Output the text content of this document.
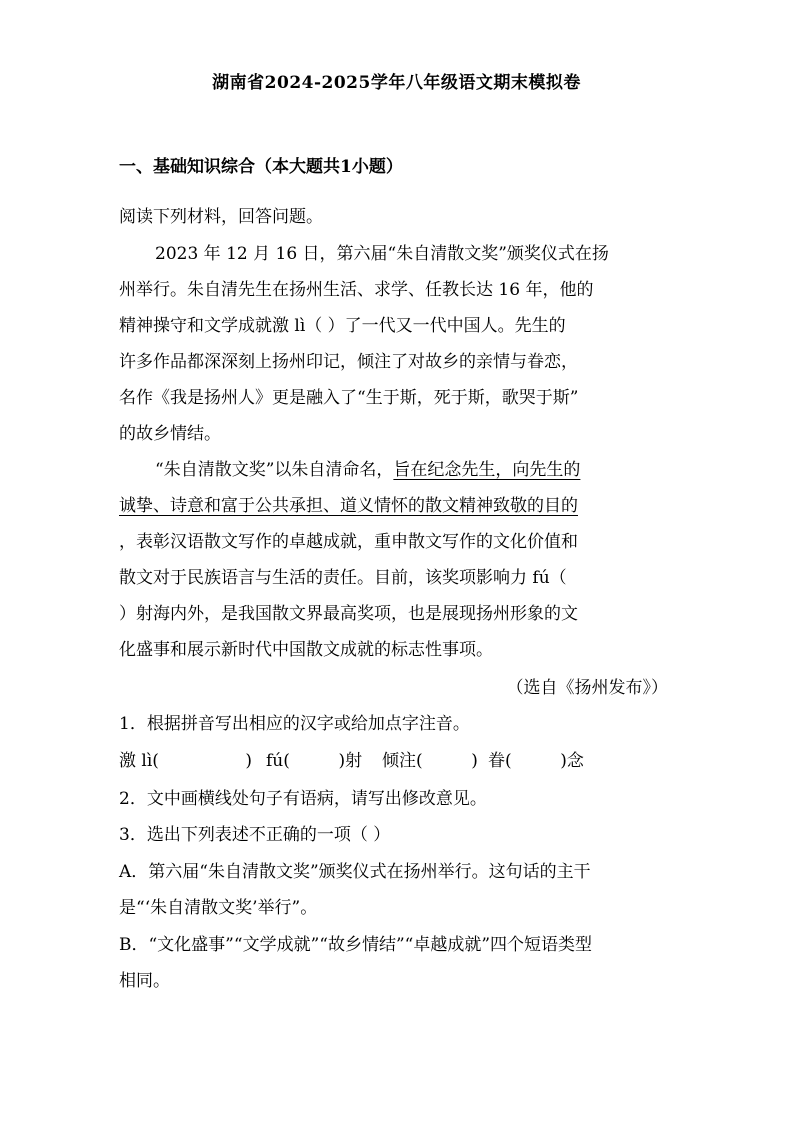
湖南省2024-2025学年八年级语文期末模拟卷
一、基础知识综合（本大题共1小题）
阅读下列材料，回答问题。
2023 年 12 月 16 日，第六届“朱自清散文奖”颁奖仪式在扬
州举行。朱自清先生在扬州生活、求学、任教长达 16 年，他的
精神操守和文学成就激 lì（ ）了一代又一代中国人。先生的
许多作品都深深刻上扬州印记，倾注了对故乡的亲情与眷恋，
名作《我是扬州人》更是融入了“生于斯，死于斯，歌哭于斯”
的故乡情结。
“朱自清散文奖”以朱自清命名，旨在纪念先生，向先生的
诚挚、诗意和富于公共承担、道义情怀的散文精神致敬的目的
，表彰汉语散文写作的卓越成就，重申散文写作的文化价值和
散文对于民族语言与生活的责任。目前，该奖项影响力 fú（
）射海内外，是我国散文界最高奖项，也是展现扬州形象的文
化盛事和展示新时代中国散文成就的标志性事项。
（选自《扬州发布》）
1．根据拼音写出相应的汉字或给加点字注音。
激 lì(                ) fú(         )射 倾注(         ) 眷(         )念
2．文中画横线处句子有语病，请写出修改意见。
3．选出下列表述不正确的一项（ ）
A．第六届“朱自清散文奖”颁奖仪式在扬州举行。这句话的主干
是“‘朱自清散文奖’举行”。
B．“文化盛事”“文学成就”“故乡情结”“卓越成就”四个短语类型
相同。
